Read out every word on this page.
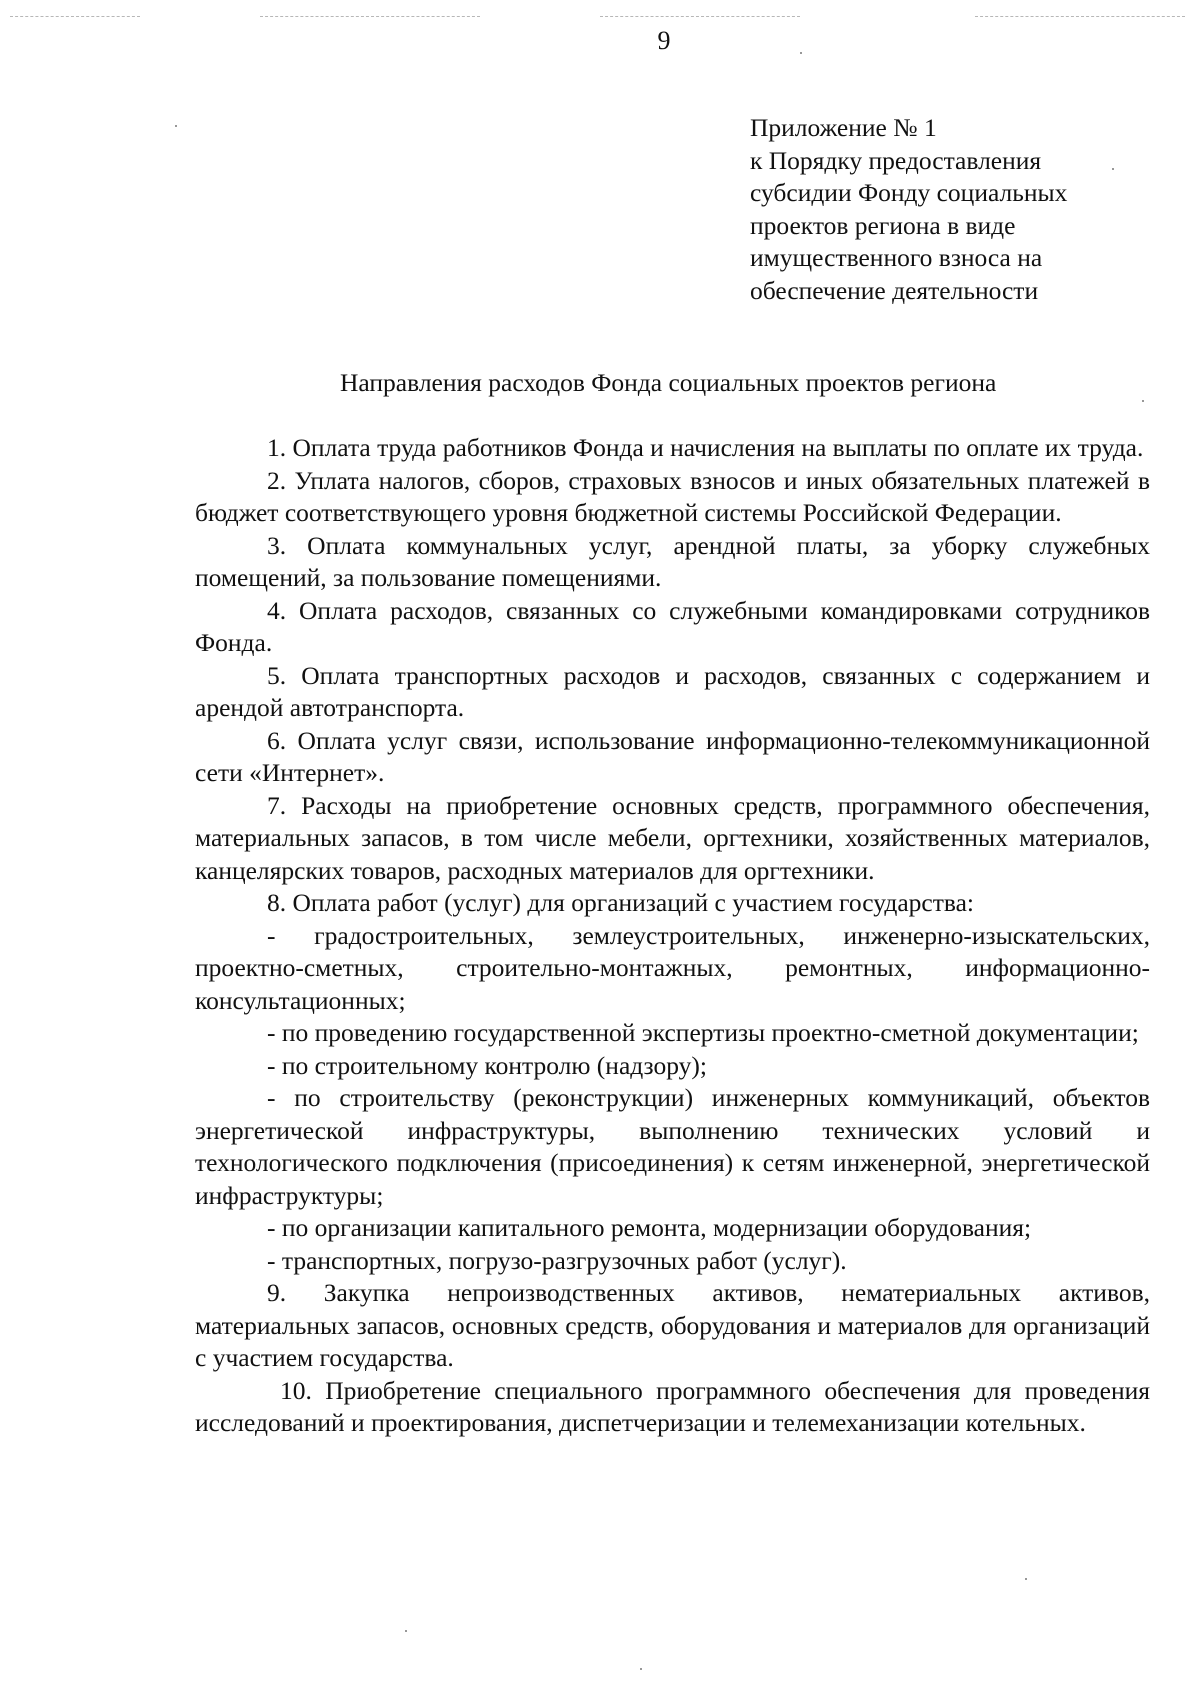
9
Приложение № 1
к Порядку предоставления
субсидии Фонду социальных
проектов региона в виде
имущественного взноса на
обеспечение деятельности
Направления расходов Фонда социальных проектов региона

1. Оплата труда работников Фонда и начисления на выплаты по оплате их труда.

2. Уплата налогов, сборов, страховых взносов и иных обязательных платежей в бюджет соответствующего уровня бюджетной системы Российской Федерации.

3. Оплата коммунальных услуг, арендной платы, за уборку служебных помещений, за пользование помещениями.

4. Оплата расходов, связанных со служебными командировками сотрудников Фонда.

5. Оплата транспортных расходов и расходов, связанных с содержанием и арендой автотранспорта.

6. Оплата услуг связи, использование информационно-телекоммуникационной сети «Интернет».

7. Расходы на приобретение основных средств, программного обеспечения, материальных запасов, в том числе мебели, оргтехники, хозяйственных материалов, канцелярских товаров, расходных материалов для оргтехники.

8. Оплата работ (услуг) для организаций с участием государства:

- градостроительных, землеустроительных, инженерно-изыскательских, проектно-сметных, строительно-монтажных, ремонтных, информационно-консультационных;

- по проведению государственной экспертизы проектно-сметной документации;

- по строительному контролю (надзору);

- по строительству (реконструкции) инженерных коммуникаций, объектов энергетической инфраструктуры, выполнению технических условий и технологического подключения (присоединения) к сетям инженерной, энергетической инфраструктуры;

- по организации капитального ремонта, модернизации оборудования;

- транспортных, погрузо-разгрузочных работ (услуг).

9. Закупка непроизводственных активов, нематериальных активов, материальных запасов, основных средств, оборудования и материалов для организаций с участием государства.

10. Приобретение специального программного обеспечения для проведения исследований и проектирования, диспетчеризации и телемеханизации котельных.
